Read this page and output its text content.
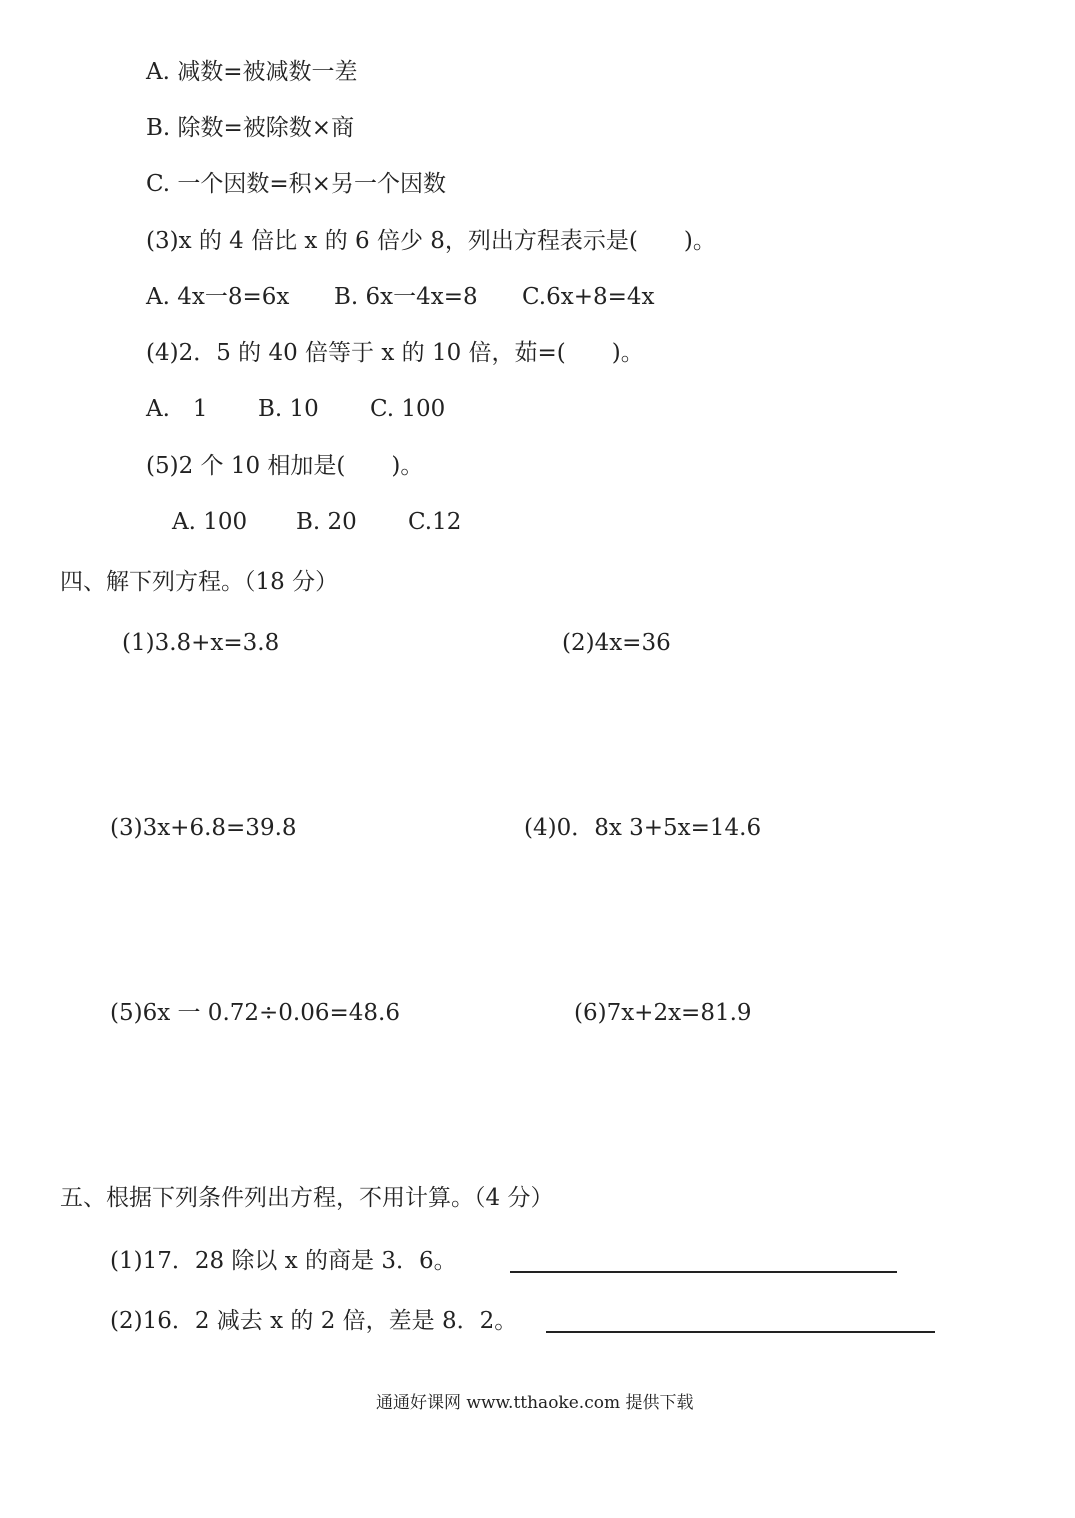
A. 减数=被减数一差
B. 除数=被除数×商
C. 一个因数=积×另一个因数
(3)x 的 4 倍比 x 的 6 倍少 8，列出方程表示是(　　)。
A. 4x一8=6x B. 6x一4x=8 C.6x+8=4x
(4)2．5 的 40 倍等于 x 的 10 倍，茹=(　　)。
A.　1 B. 10 C. 100
(5)2 个 10 相加是(　　)。
A. 100 B. 20 C.12
四、解下列方程。（18 分）
(1)3.8+x=3.8	(2)4x=36
(3)3x+6.8=39.8	(4)0．8x 3+5x=14.6
(5)6x 一 0.72÷0.06=48.6	(6)7x+2x=81.9
五、根据下列条件列出方程，不用计算。（4 分）
(1)17．28 除以 x 的商是 3．6。
(2)16．2 减去 x 的 2 倍，差是 8．2。
通通好课网 www.tthaoke.com 提供下载
